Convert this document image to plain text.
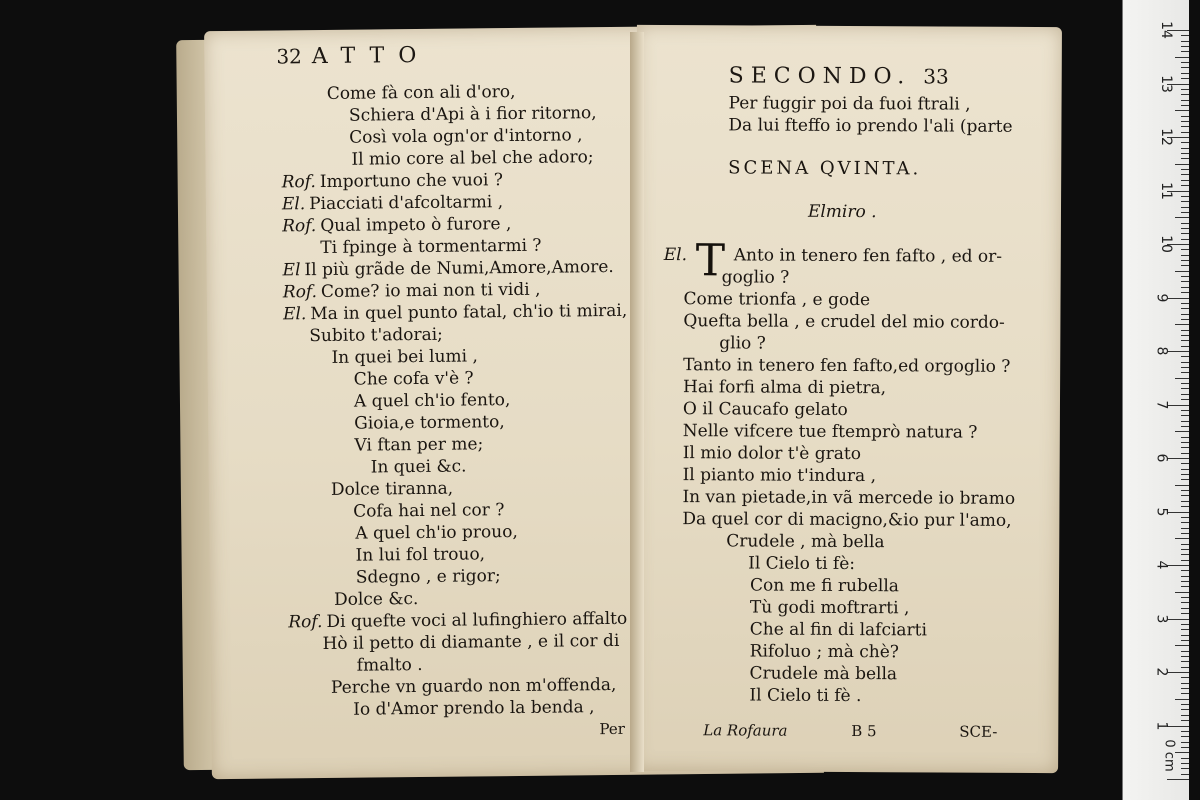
32 ATTO
Come fà con ali d'oro,
Schiera d'Api à i fior ritorno,
Così vola ogn'or d'intorno ,
Il mio core al bel che adoro;
Rof. Importuno che vuoi ?
El. Piacciati d'afcoltarmi ,
Rof. Qual impeto ò furore ,
Ti fpinge à tormentarmi ?
El Il più grãde de Numi,Amore,Amore.
Rof. Come? io mai non ti vidi ,
El. Ma in quel punto fatal, ch'io ti mirai,
Subito t'adorai;
In quei bei lumi ,
Che cofa v'è ?
A quel ch'io fento,
Gioia,e tormento,
Vi ftan per me;
In quei &c.
Dolce tiranna,
Cofa hai nel cor ?
A quel ch'io prouo,
In lui fol trouo,
Sdegno , e rigor;
Dolce &c.
Rof. Di quefte voci al lufinghiero affalto
Hò il petto di diamante , e il cor di
fmalto .
Perche vn guardo non m'offenda,
Io d'Amor prendo la benda ,
Per
SECONDO. 33
Per fuggir poi da fuoi ftrali ,
Da lui fteffo io prendo l'ali (parte
SCENA QVINTA.
Elmiro .
El. T Anto in tenero fen fafto , ed or-
goglio ?
Come trionfa , e gode
Quefta bella , e crudel del mio cordo-
glio ?
Tanto in tenero fen fafto,ed orgoglio ?
Hai forfi alma di pietra,
O il Caucafo gelato
Nelle vifcere tue ftemprò natura ?
Il mio dolor t'è grato
Il pianto mio t'indura ,
In van pietade,in vã mercede io bramo
Da quel cor di macigno,&io pur l'amo,
Crudele , mà bella
Il Cielo ti fè:
Con me fi rubella
Tù godi moftrarti ,
Che al fin di lafciarti
Rifoluo ; mà chè?
Crudele mà bella
Il Cielo ti fè .
La Rofaura	B 5	SCE-
14
13
12
11
10
9
8
7
6
5
4
3
2
1
0 cm
